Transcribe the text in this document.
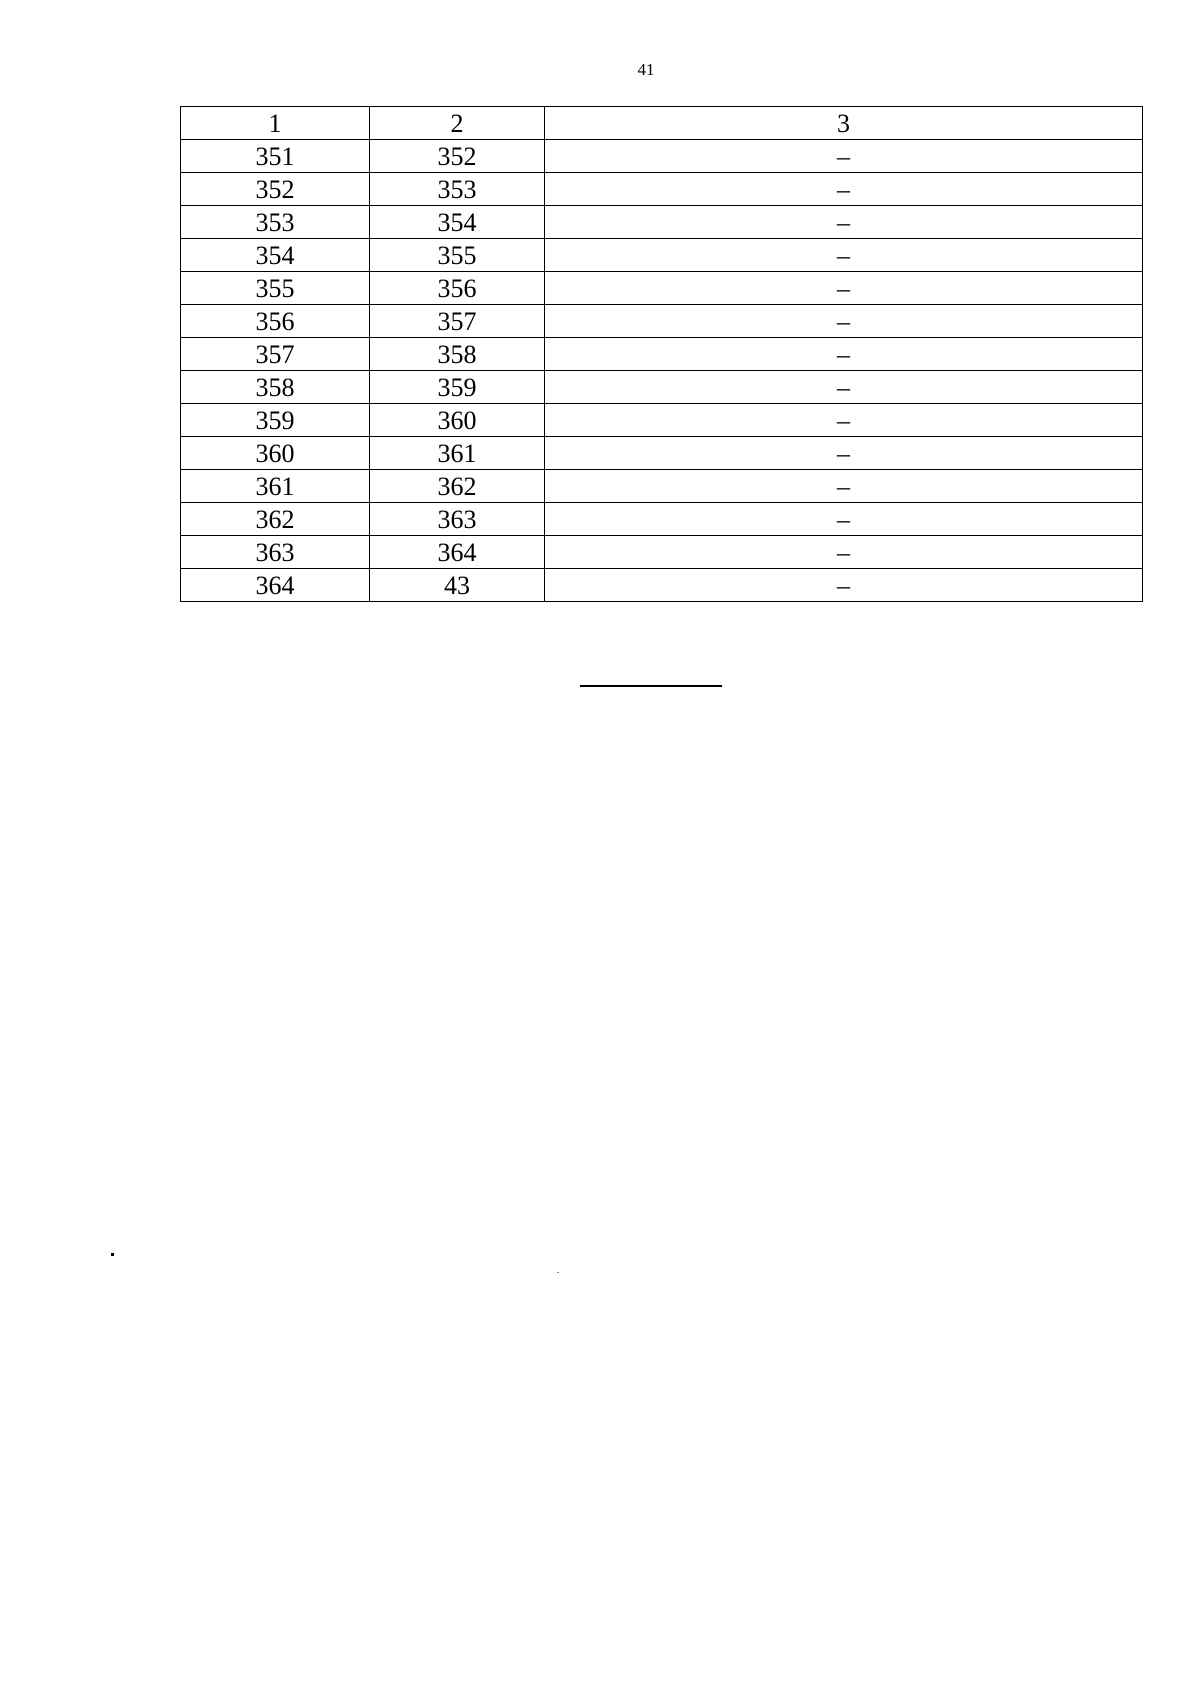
41
1	2	3
351	352	–
352	353	–
353	354	–
354	355	–
355	356	–
356	357	–
357	358	–
358	359	–
359	360	–
360	361	–
361	362	–
362	363	–
363	364	–
364	43	–
